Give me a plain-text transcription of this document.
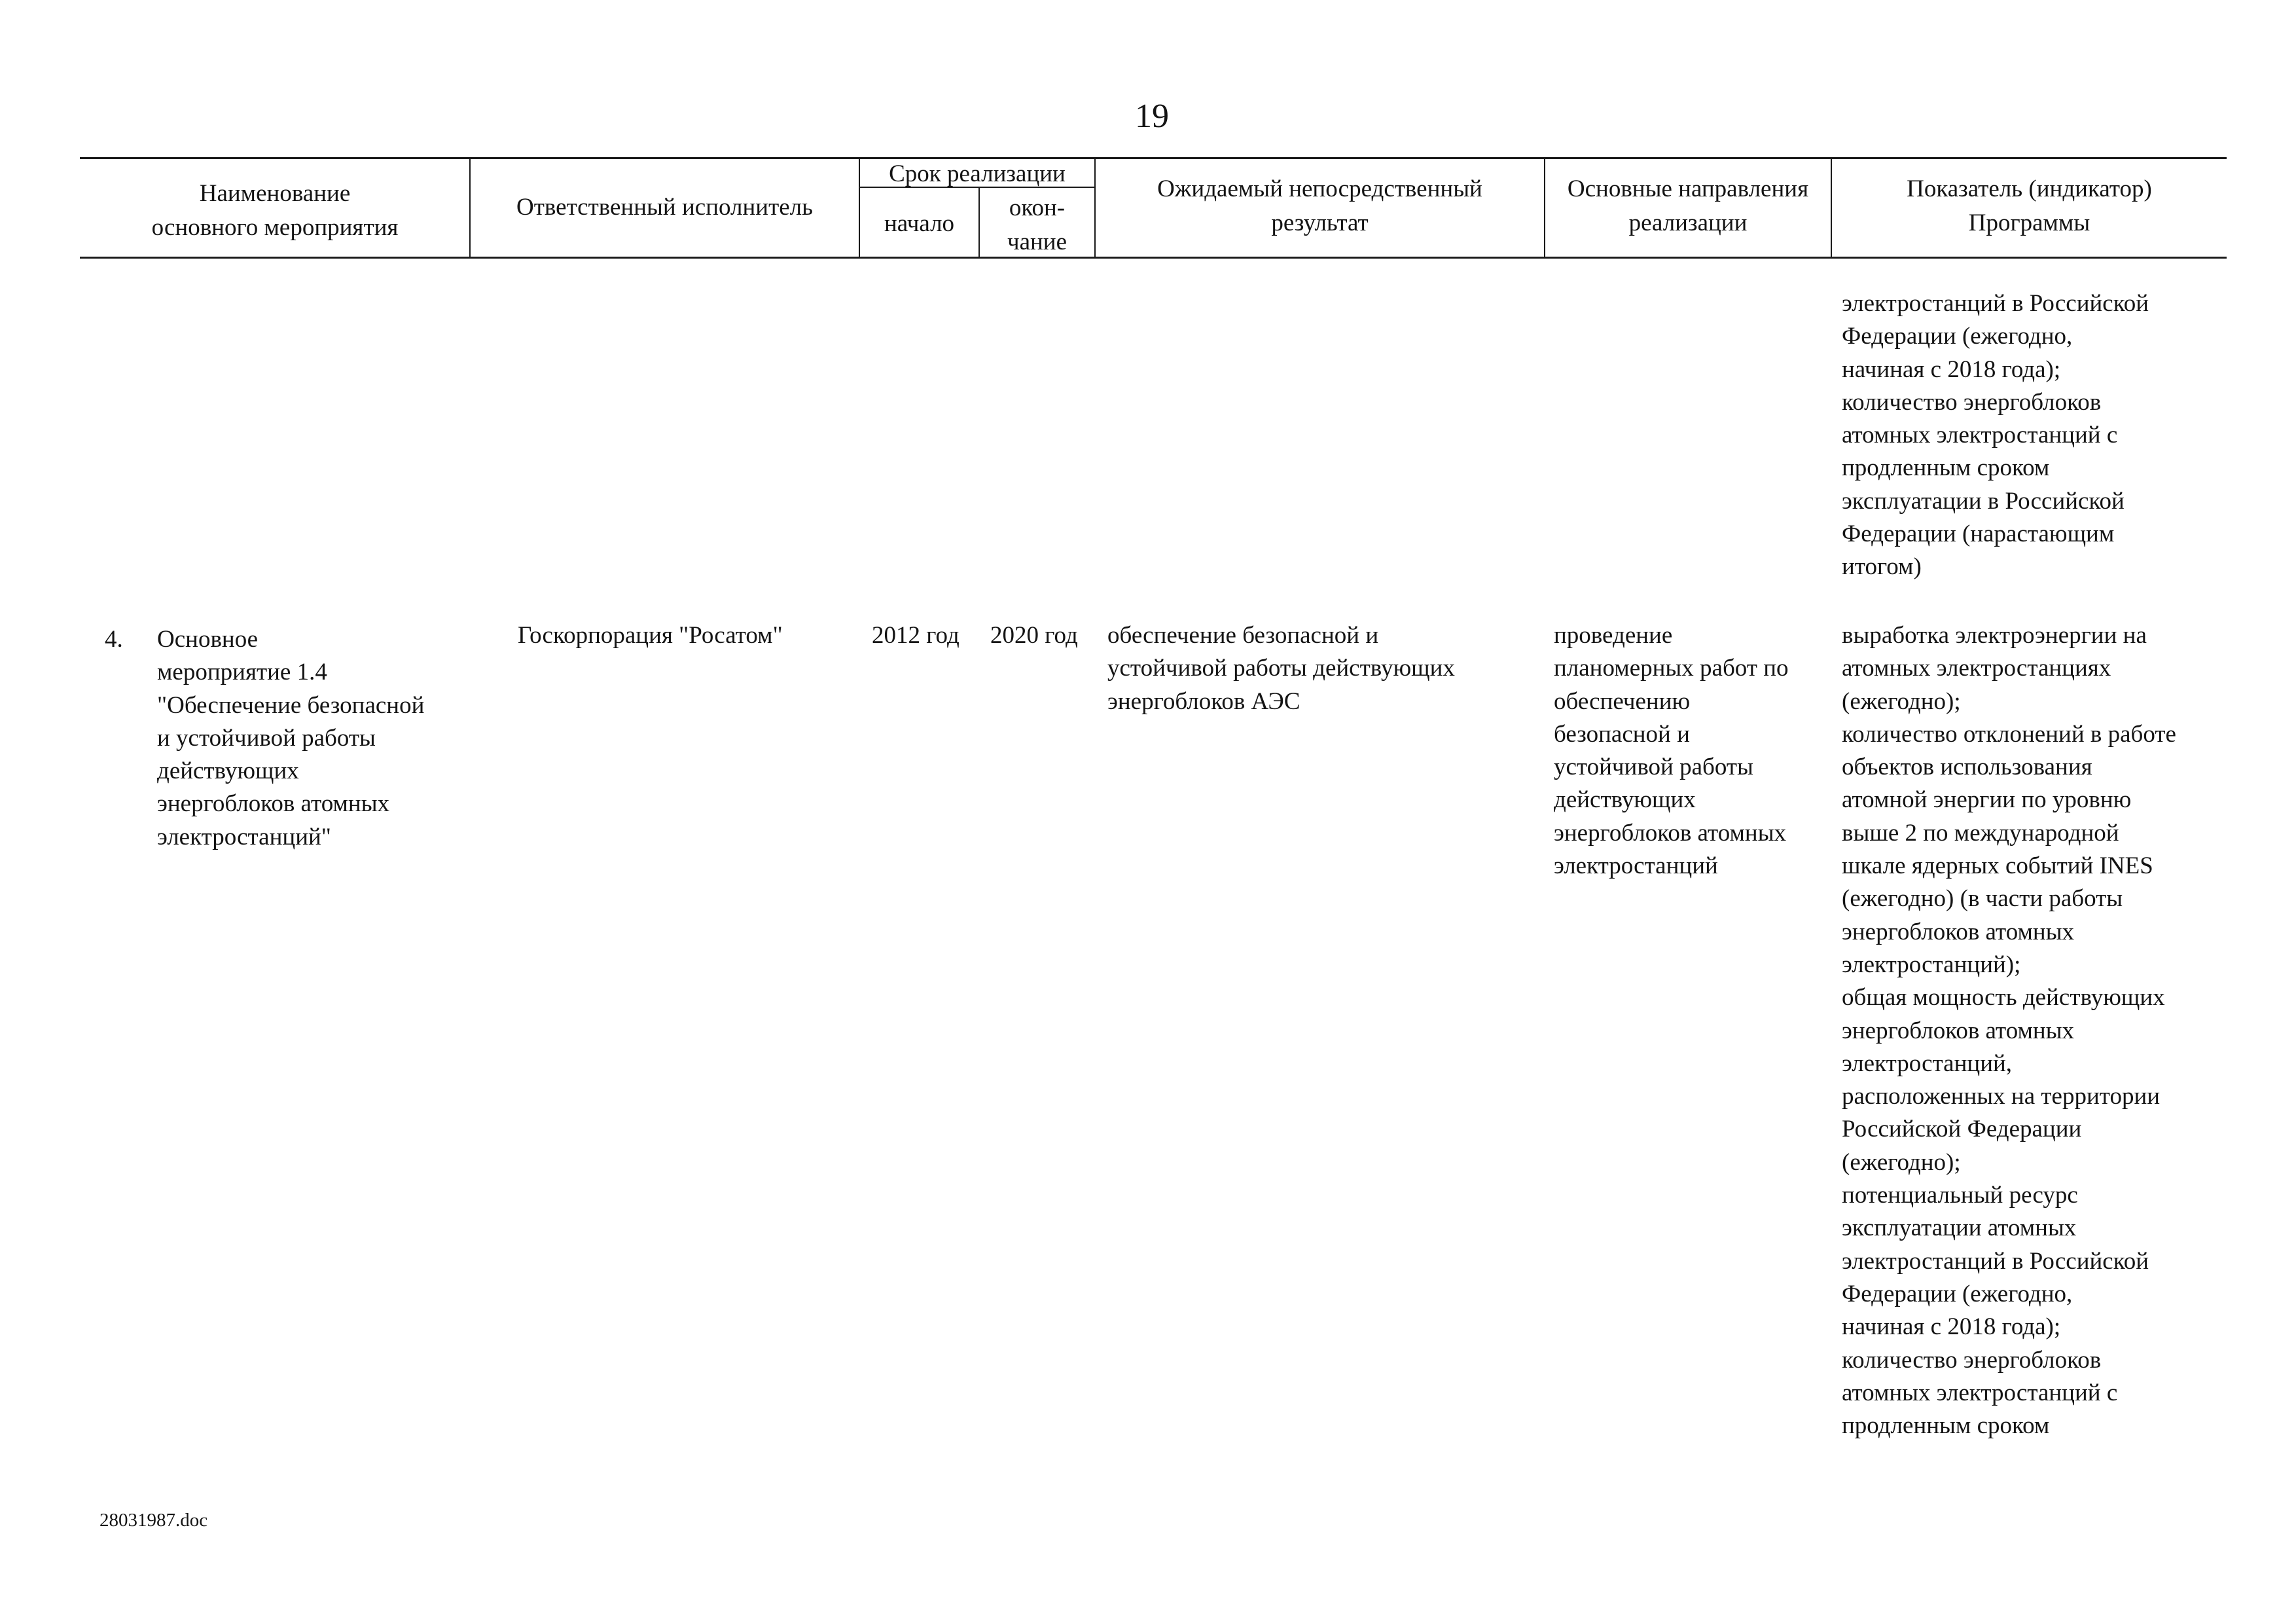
19
Наименование
основного мероприятия
Ответственный исполнитель
Срок реализации
начало
окон-
чание
Ожидаемый непосредственный
результат
Основные направления
реализации
Показатель (индикатор)
Программы
электростанций в Российской
Федерации (ежегодно,
начиная с 2018 года);
количество энергоблоков
атомных электростанций с
продленным сроком
эксплуатации в Российской
Федерации (нарастающим
итогом)
4. Основное
мероприятие 1.4
"Обеспечение безопасной
и устойчивой работы
действующих
энергоблоков атомных
электростанций"
Госкорпорация "Росатом"	2012 год 2020 год обеспечение безопасной и
устойчивой работы действующих
энергоблоков АЭС
проведение
планомерных работ по
обеспечению
безопасной и
устойчивой работы
действующих
энергоблоков атомных
электростанций
выработка электроэнергии на
атомных электростанциях
(ежегодно);
количество отклонений в работе
объектов использования
атомной энергии по уровню
выше 2 по международной
шкале ядерных событий INES
(ежегодно) (в части работы
энергоблоков атомных
электростанций);
общая мощность действующих
энергоблоков атомных
электростанций,
расположенных на территории
Российской Федерации
(ежегодно);
потенциальный ресурс
эксплуатации атомных
электростанций в Российской
Федерации (ежегодно,
начиная с 2018 года);
количество энергоблоков
атомных электростанций с
продленным сроком
28031987.doc
